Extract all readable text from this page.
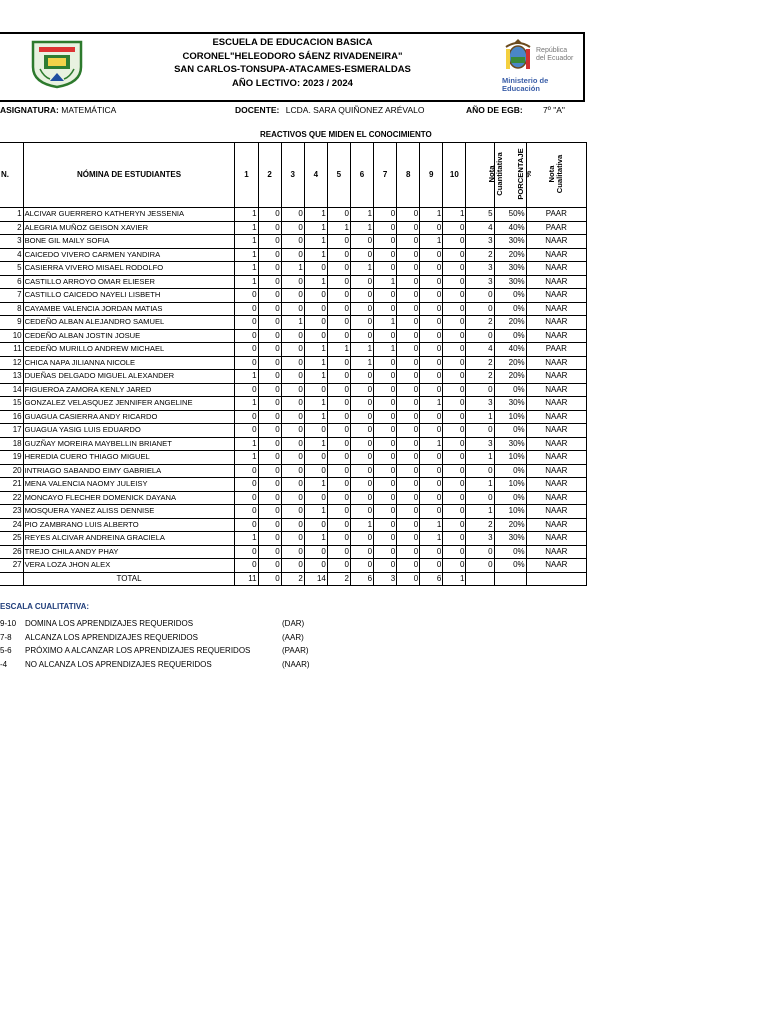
ESCUELA DE EDUCACION BASICA
CORONEL"HELEODORO SÁENZ RIVADENEIRA"
SAN CARLOS-TONSUPA-ATACAMES-ESMERALDAS
AÑO LECTIVO: 2023 / 2024
República del Ecuador
Ministerio de Educación
ASIGNATURA: MATEMÁTICA	DOCENTE: LCDA. SARA QUIÑONEZ ARÉVALO	AÑO DE EGB: 7º "A"
REACTIVOS QUE MIDEN EL CONOCIMIENTO
N.	NÓMINA DE ESTUDIANTES	1	2	3	4	5	6	7	8	9	10	Nota Cuantitativa	PORCENTAJE %	Nota Cualitativa
1	ALCIVAR GUERRERO KATHERYN JESSENIA	1	0	0	1	0	1	0	0	1	1	5	50%	PAAR
2	ALEGRIA MUÑOZ GEISON XAVIER	1	0	0	1	1	1	0	0	0	0	4	40%	PAAR
3	BONE GIL MAILY SOFIA	1	0	0	1	0	0	0	0	1	0	3	30%	NAAR
4	CAICEDO VIVERO CARMEN YANDIRA	1	0	0	1	0	0	0	0	0	0	2	20%	NAAR
5	CASIERRA VIVERO MISAEL RODOLFO	1	0	1	0	0	1	0	0	0	0	3	30%	NAAR
6	CASTILLO ARROYO OMAR ELIESER	1	0	0	1	0	0	1	0	0	0	3	30%	NAAR
7	CASTILLO CAICEDO NAYELI LISBETH	0	0	0	0	0	0	0	0	0	0	0	0%	NAAR
8	CAYAMBE VALENCIA JORDAN MATIAS	0	0	0	0	0	0	0	0	0	0	0	0%	NAAR
9	CEDEÑO ALBAN ALEJANDRO SAMUEL	0	0	1	0	0	0	1	0	0	0	2	20%	NAAR
10	CEDEÑO ALBAN JOSTIN JOSUE	0	0	0	0	0	0	0	0	0	0	0	0%	NAAR
11	CEDEÑO MURILLO ANDREW MICHAEL	0	0	0	1	1	1	1	0	0	0	4	40%	PAAR
12	CHICA NAPA JILIANNA NICOLE	0	0	0	1	0	1	0	0	0	0	2	20%	NAAR
13	DUEÑAS DELGADO MIGUEL ALEXANDER	1	0	0	1	0	0	0	0	0	0	2	20%	NAAR
14	FIGUEROA ZAMORA KENLY JARED	0	0	0	0	0	0	0	0	0	0	0	0%	NAAR
15	GONZALEZ VELASQUEZ JENNIFER ANGELINE	1	0	0	1	0	0	0	0	1	0	3	30%	NAAR
16	GUAGUA CASIERRA ANDY RICARDO	0	0	0	1	0	0	0	0	0	0	1	10%	NAAR
17	GUAGUA YASIG LUIS EDUARDO	0	0	0	0	0	0	0	0	0	0	0	0%	NAAR
18	GUZÑAY MOREIRA MAYBELLIN BRIANET	1	0	0	1	0	0	0	0	1	0	3	30%	NAAR
19	HEREDIA CUERO THIAGO MIGUEL	1	0	0	0	0	0	0	0	0	0	1	10%	NAAR
20	INTRIAGO SABANDO EIMY GABRIELA	0	0	0	0	0	0	0	0	0	0	0	0%	NAAR
21	MENA VALENCIA NAOMY JULEISY	0	0	0	1	0	0	0	0	0	0	1	10%	NAAR
22	MONCAYO FLECHER DOMENICK DAYANA	0	0	0	0	0	0	0	0	0	0	0	0%	NAAR
23	MOSQUERA YANEZ ALISS DENNISE	0	0	0	1	0	0	0	0	0	0	1	10%	NAAR
24	PIO ZAMBRANO LUIS ALBERTO	0	0	0	0	0	1	0	0	1	0	2	20%	NAAR
25	REYES ALCIVAR ANDREINA GRACIELA	1	0	0	1	0	0	0	0	1	0	3	30%	NAAR
26	TREJO CHILA ANDY PHAY	0	0	0	0	0	0	0	0	0	0	0	0%	NAAR
27	VERA LOZA JHON ALEX	0	0	0	0	0	0	0	0	0	0	0	0%	NAAR
	TOTAL	11	0	2	14	2	6	3	0	6	1			
ESCALA CUALITATIVA:
9-10 DOMINA LOS APRENDIZAJES REQUERIDOS	(DAR)
7-8 ALCANZA LOS APRENDIZAJES REQUERIDOS	(AAR)
5-6 PRÓXIMO A ALCANZAR LOS APRENDIZAJES REQUERIDOS	(PAAR)
-4 NO ALCANZA LOS APRENDIZAJES REQUERIDOS	(NAAR)
